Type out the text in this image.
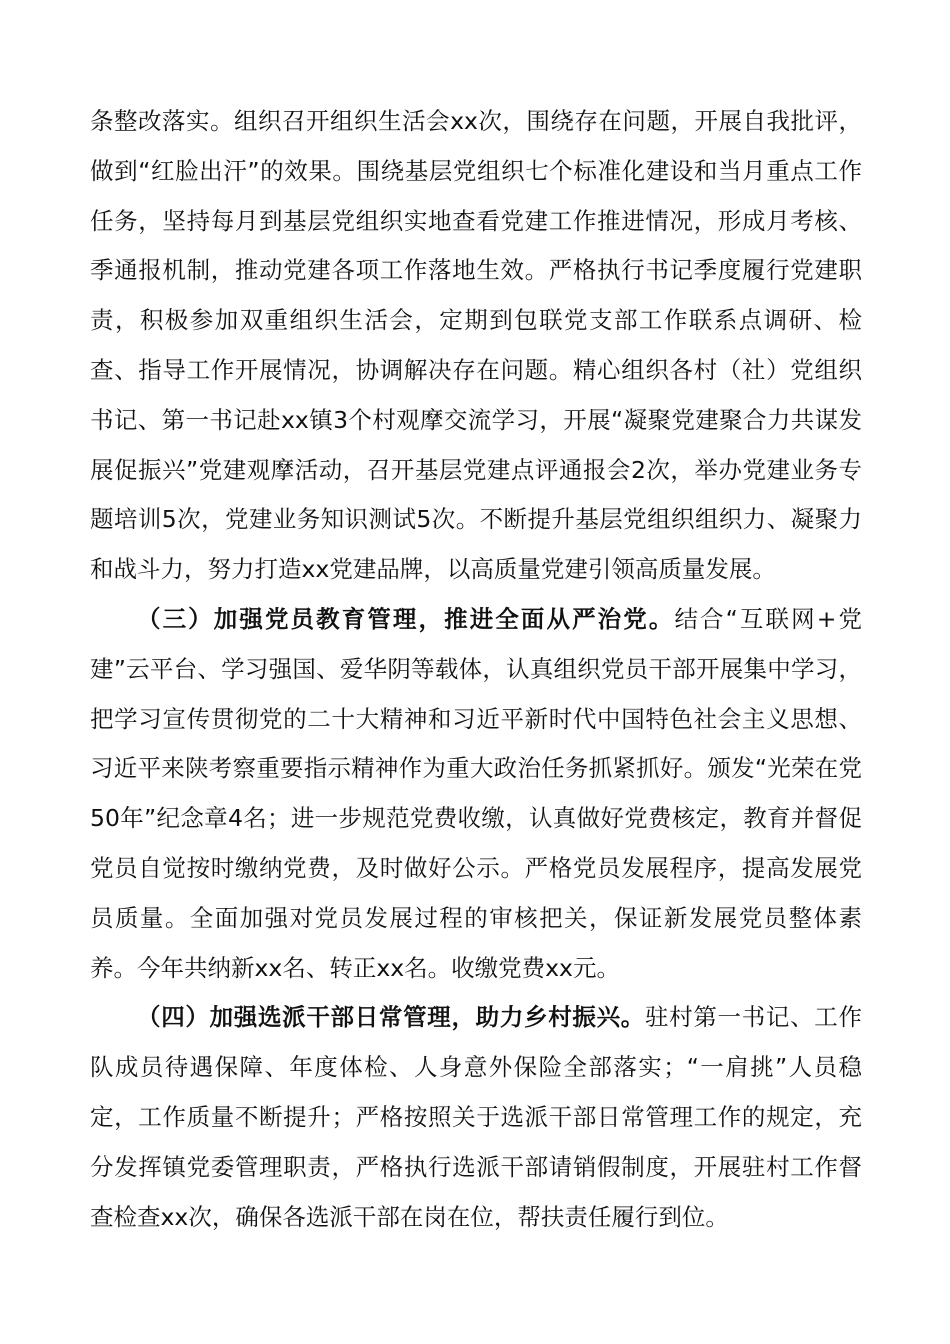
条整改落实。组织召开组织生活会xx次，围绕存在问题，开展自我批评，做到“红脸出汗”的效果。围绕基层党组织七个标准化建设和当月重点工作任务，坚持每月到基层党组织实地查看党建工作推进情况，形成月考核、季通报机制，推动党建各项工作落地生效。严格执行书记季度履行党建职责，积极参加双重组织生活会，定期到包联党支部工作联系点调研、检查、指导工作开展情况，协调解决存在问题。精心组织各村（社）党组织书记、第一书记赴xx镇3个村观摩交流学习，开展“凝聚党建聚合力共谋发展促振兴”党建观摩活动，召开基层党建点评通报会2次，举办党建业务专题培训5次，党建业务知识测试5次。不断提升基层党组织组织力、凝聚力和战斗力，努力打造xx党建品牌，以高质量党建引领高质量发展。

（三）加强党员教育管理，推进全面从严治党。结合“互联网+党建”云平台、学习强国、爱华阴等载体，认真组织党员干部开展集中学习，把学习宣传贯彻党的二十大精神和习近平新时代中国特色社会主义思想、习近平来陕考察重要指示精神作为重大政治任务抓紧抓好。颁发“光荣在党50年”纪念章4名；进一步规范党费收缴，认真做好党费核定，教育并督促党员自觉按时缴纳党费，及时做好公示。严格党员发展程序，提高发展党员质量。全面加强对党员发展过程的审核把关，保证新发展党员整体素养。今年共纳新xx名、转正xx名。收缴党费xx元。

（四）加强选派干部日常管理，助力乡村振兴。驻村第一书记、工作队成员待遇保障、年度体检、人身意外保险全部落实；“一肩挑”人员稳定，工作质量不断提升；严格按照关于选派干部日常管理工作的规定，充分发挥镇党委管理职责，严格执行选派干部请销假制度，开展驻村工作督查检查xx次，确保各选派干部在岗在位，帮扶责任履行到位。
